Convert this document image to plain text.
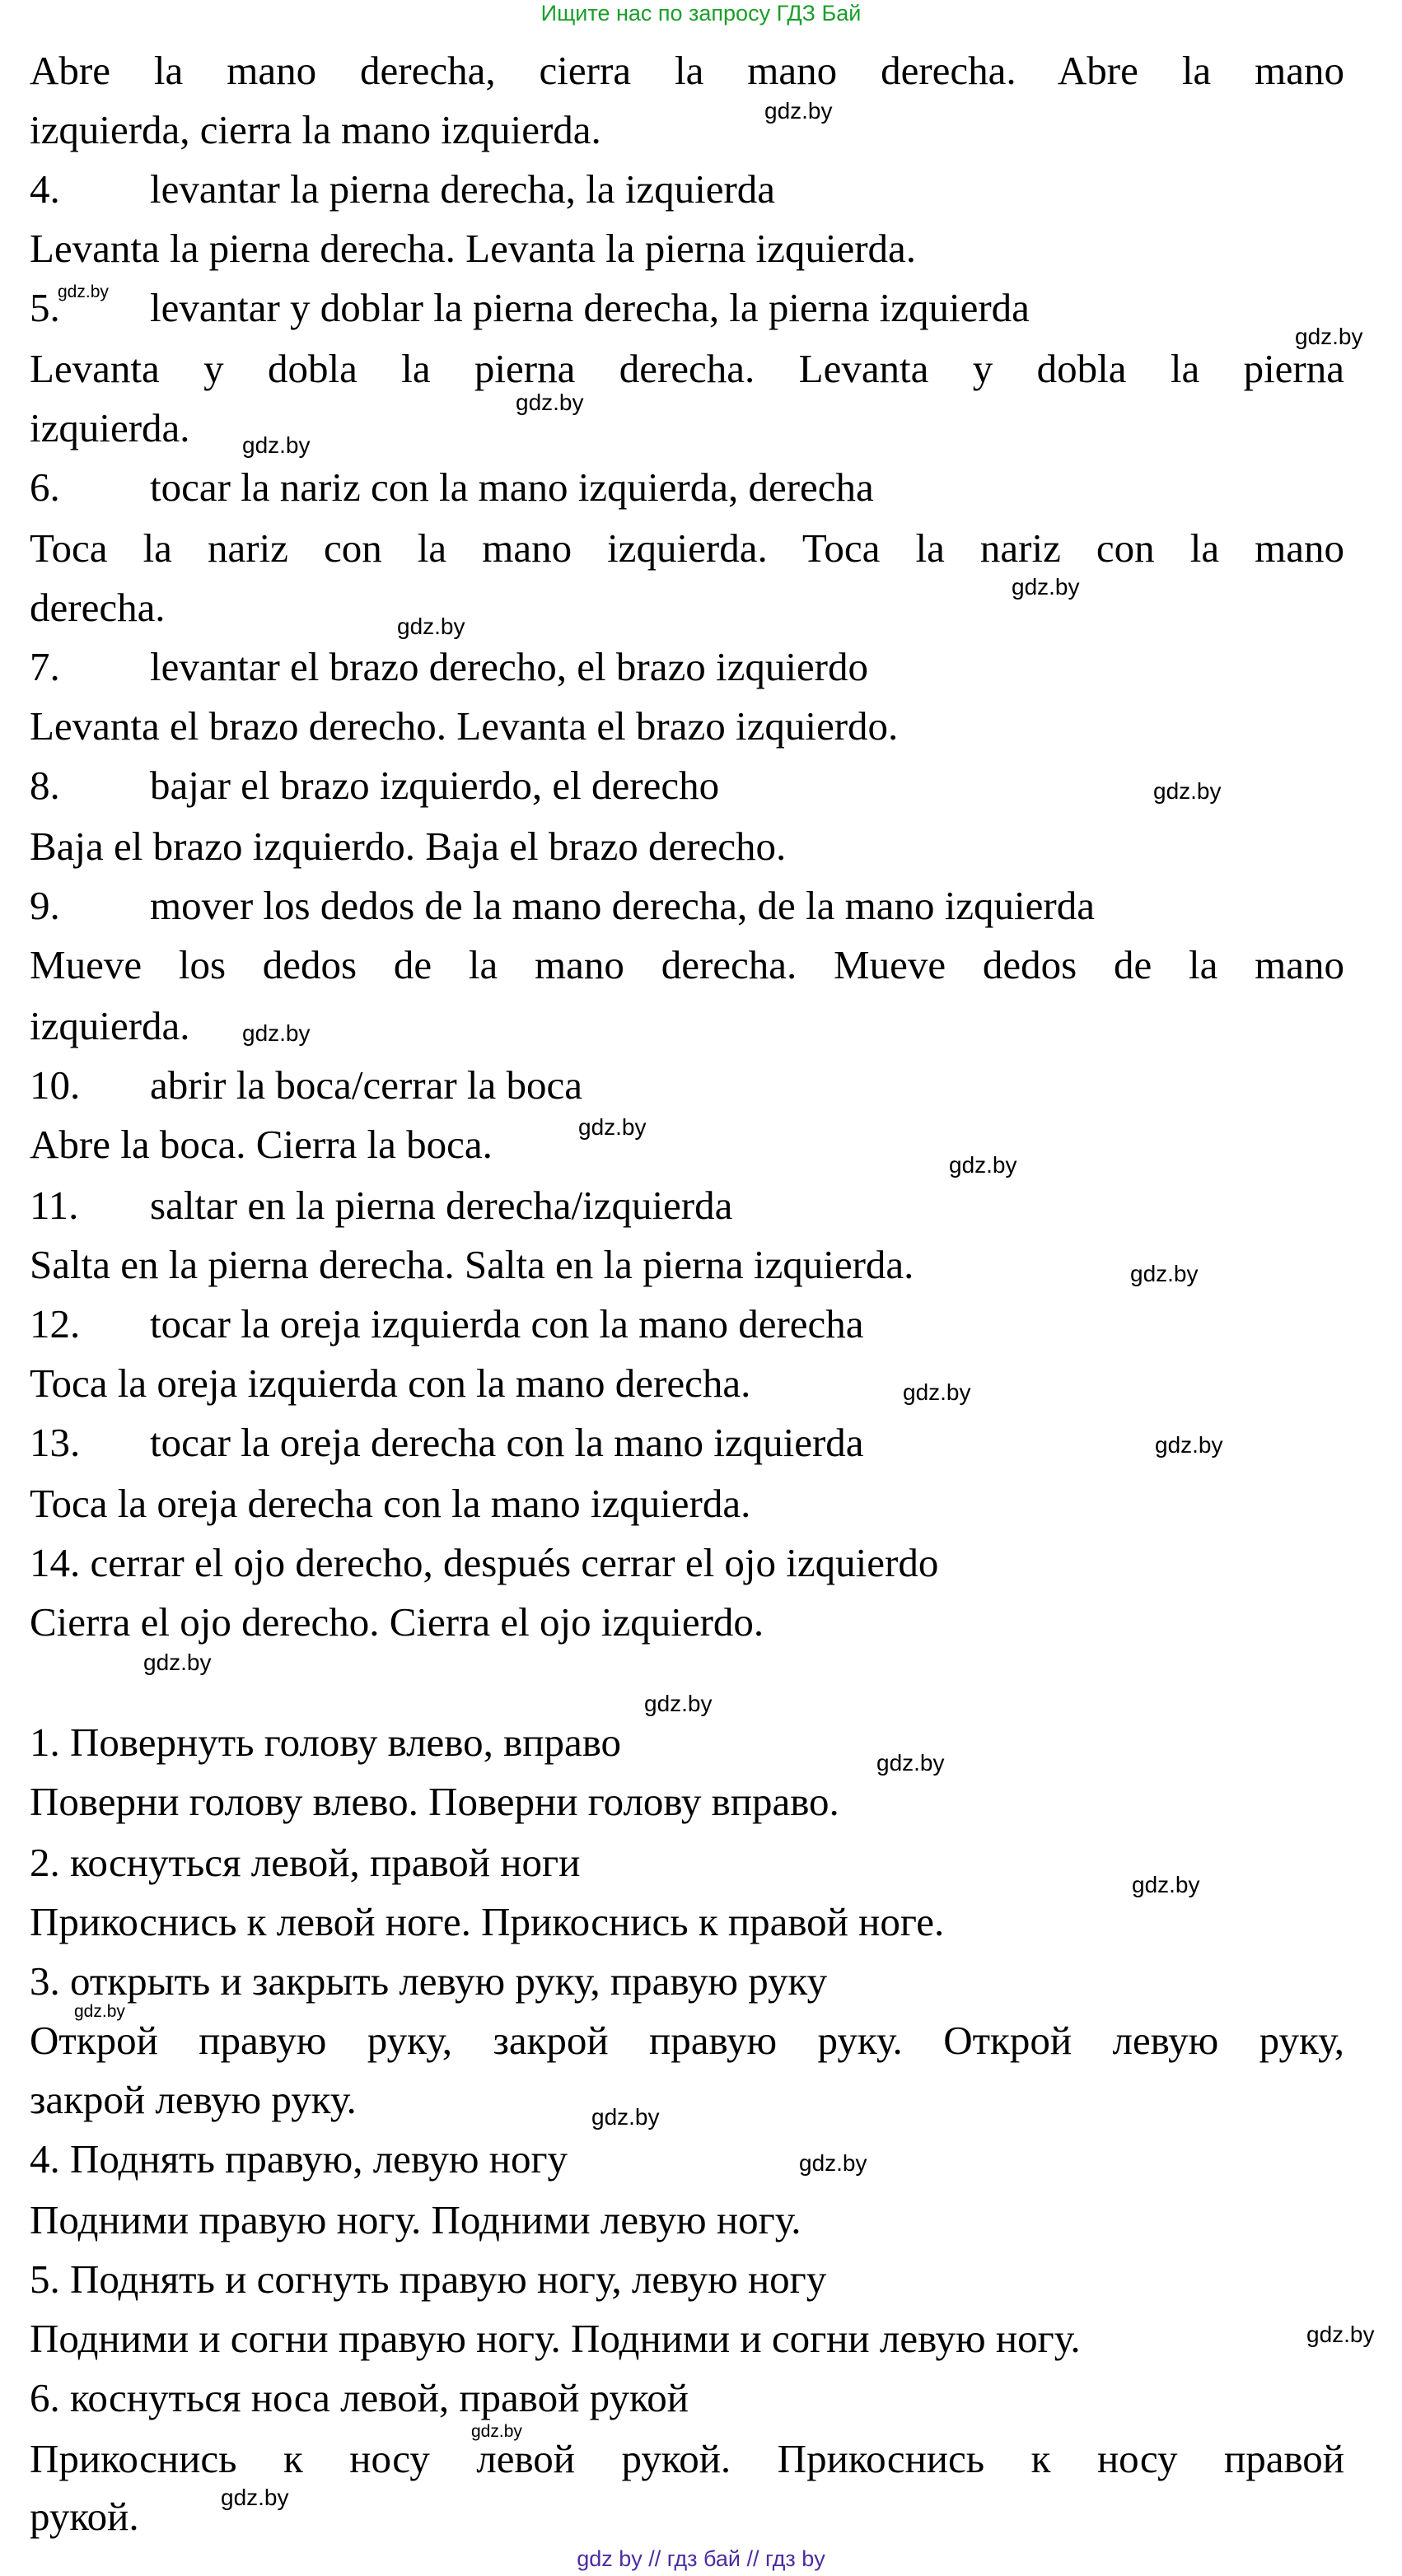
Ищите нас по запросу ГДЗ Бай
Abre la mano derecha, cierra la mano derecha. Abre la mano
izquierda, cierra la mano izquierda.
4. levantar la pierna derecha, la izquierda
Levanta la pierna derecha. Levanta la pierna izquierda.
5. levantar y doblar la pierna derecha, la pierna izquierda
Levanta y dobla la pierna derecha. Levanta y dobla la pierna
izquierda.
6. tocar la nariz con la mano izquierda, derecha
Toca la nariz con la mano izquierda. Toca la nariz con la mano
derecha.
7. levantar el brazo derecho, el brazo izquierdo
Levanta el brazo derecho. Levanta el brazo izquierdo.
8. bajar el brazo izquierdo, el derecho
Baja el brazo izquierdo. Baja el brazo derecho.
9. mover los dedos de la mano derecha, de la mano izquierda
Mueve los dedos de la mano derecha. Mueve dedos de la mano
izquierda.
10. abrir la boca/cerrar la boca
Abre la boca. Cierra la boca.
11. saltar en la pierna derecha/izquierda
Salta en la pierna derecha. Salta en la pierna izquierda.
12. tocar la oreja izquierda con la mano derecha
Toca la oreja izquierda con la mano derecha.
13. tocar la oreja derecha con la mano izquierda
Toca la oreja derecha con la mano izquierda.
14. cerrar el ojo derecho, después cerrar el ojo izquierdo
Cierra el ojo derecho. Cierra el ojo izquierdo.
1. Повернуть голову влево, вправо
Поверни голову влево. Поверни голову вправо.
2. коснуться левой, правой ноги
Прикоснись к левой ноге. Прикоснись к правой ноге.
3. открыть и закрыть левую руку, правую руку
Открой правую руку, закрой правую руку. Открой левую руку,
закрой левую руку.
4. Поднять правую, левую ногу
Подними правую ногу. Подними левую ногу.
5. Поднять и согнуть правую ногу, левую ногу
Подними и согни правую ногу. Подними и согни левую ногу.
6. коснуться носа левой, правой рукой
Прикоснись к носу левой рукой. Прикоснись к носу правой
рукой.
gdz.by
gdz.by
gdz.by
gdz.by
gdz.by
gdz.by
gdz.by
gdz.by
gdz.by
gdz.by
gdz.by
gdz.by
gdz.by
gdz.by
gdz.by
gdz.by
gdz.by
gdz.by
gdz.by
gdz.by
gdz.by
gdz.by
gdz.by
gdz.by
gdz by // гдз бай // гдз by
